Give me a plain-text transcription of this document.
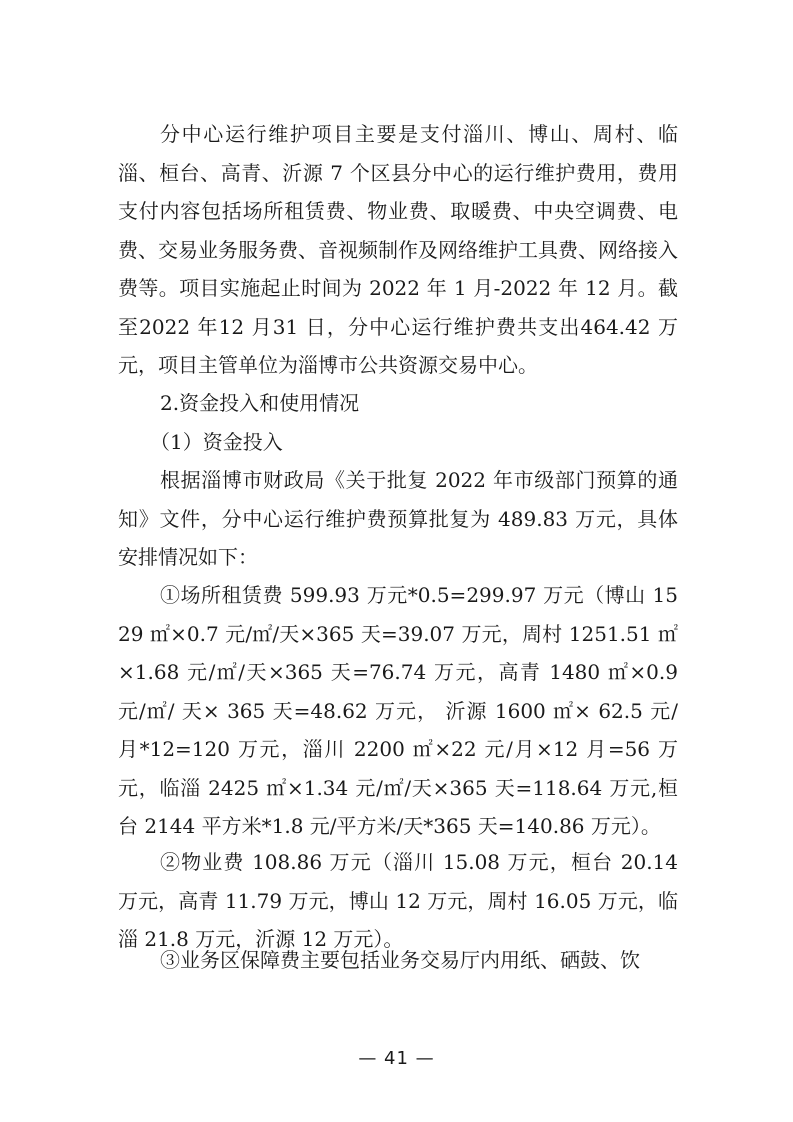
分中心运行维护项目主要是支付淄川、博山、周村、临淄、桓台、高青、沂源 7 个区县分中心的运行维护费用，费用支付内容包括场所租赁费、物业费、取暖费、中央空调费、电费、交易业务服务费、音视频制作及网络维护工具费、网络接入费等。项目实施起止时间为 2022 年 1 月-2022 年 12 月。截至2022 年12 月31 日，分中心运行维护费共支出464.42 万元，项目主管单位为淄博市公共资源交易中心。

2.资金投入和使用情况

（1）资金投入

根据淄博市财政局《关于批复 2022 年市级部门预算的通知》文件，分中心运行维护费预算批复为 489.83 万元，具体安排情况如下：

①场所租赁费 599.93 万元*0.5=299.97 万元（博山 1529 ㎡×0.7 元/㎡/天×365 天=39.07 万元，周村 1251.51 ㎡×1.68 元/㎡/天×365 天=76.74 万元，高青 1480 ㎡×0.9 元/㎡/ 天× 365 天=48.62 万元， 沂源 1600 ㎡× 62.5 元/ 月*12=120 万元，淄川 2200 ㎡×22 元/月×12 月=56 万元，临淄 2425 ㎡×1.34 元/㎡/天×365 天=118.64 万元,桓台 2144 平方米*1.8 元/平方米/天*365 天=140.86 万元）。

②物业费 108.86 万元（淄川 15.08 万元，桓台 20.14 万元，高青 11.79 万元，博山 12 万元，周村 16.05 万元，临淄 21.8 万元，沂源 12 万元）。

③业务区保障费主要包括业务交易厅内用纸、硒鼓、饮

— 41 —
